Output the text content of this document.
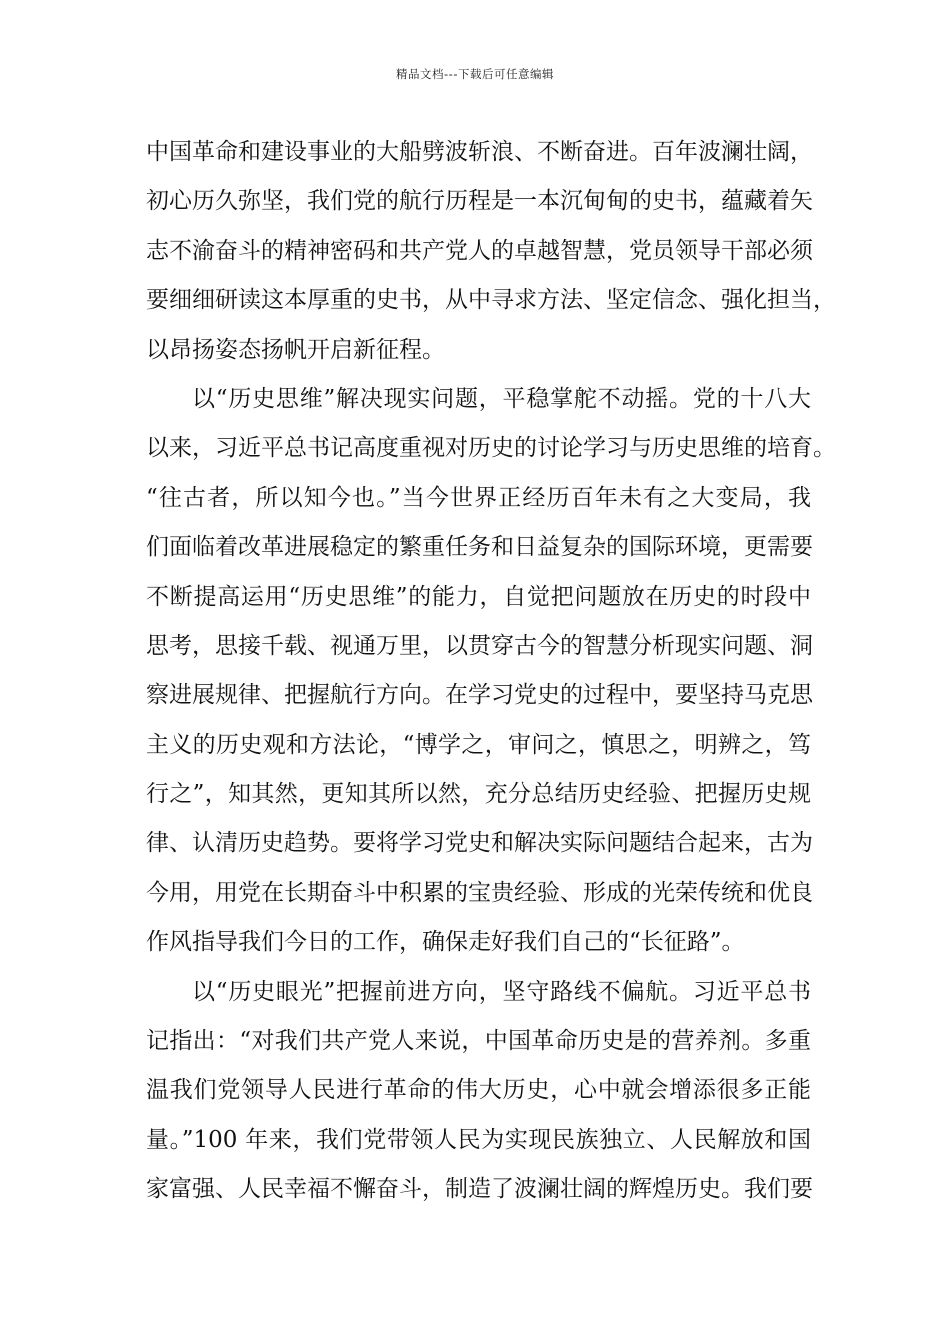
精品文档---下载后可任意编辑
中国革命和建设事业的大船劈波斩浪、不断奋进。百年波澜壮阔，
初心历久弥坚，我们党的航行历程是一本沉甸甸的史书，蕴藏着矢
志不渝奋斗的精神密码和共产党人的卓越智慧，党员领导干部必须
要细细研读这本厚重的史书，从中寻求方法、坚定信念、强化担当，
以昂扬姿态扬帆开启新征程。
以“历史思维”解决现实问题，平稳掌舵不动摇。党的十八大
以来，习近平总书记高度重视对历史的讨论学习与历史思维的培育。
“往古者，所以知今也。”当今世界正经历百年未有之大变局，我
们面临着改革进展稳定的繁重任务和日益复杂的国际环境，更需要
不断提高运用“历史思维”的能力，自觉把问题放在历史的时段中
思考，思接千载、视通万里，以贯穿古今的智慧分析现实问题、洞
察进展规律、把握航行方向。在学习党史的过程中，要坚持马克思
主义的历史观和方法论，“博学之，审问之，慎思之，明辨之，笃
行之”，知其然，更知其所以然，充分总结历史经验、把握历史规
律、认清历史趋势。要将学习党史和解决实际问题结合起来，古为
今用，用党在长期奋斗中积累的宝贵经验、形成的光荣传统和优良
作风指导我们今日的工作，确保走好我们自己的“长征路”。
以“历史眼光”把握前进方向，坚守路线不偏航。习近平总书
记指出：“对我们共产党人来说，中国革命历史是的营养剂。多重
温我们党领导人民进行革命的伟大历史，心中就会增添很多正能
量。”100 年来，我们党带领人民为实现民族独立、人民解放和国
家富强、人民幸福不懈奋斗，制造了波澜壮阔的辉煌历史。我们要
